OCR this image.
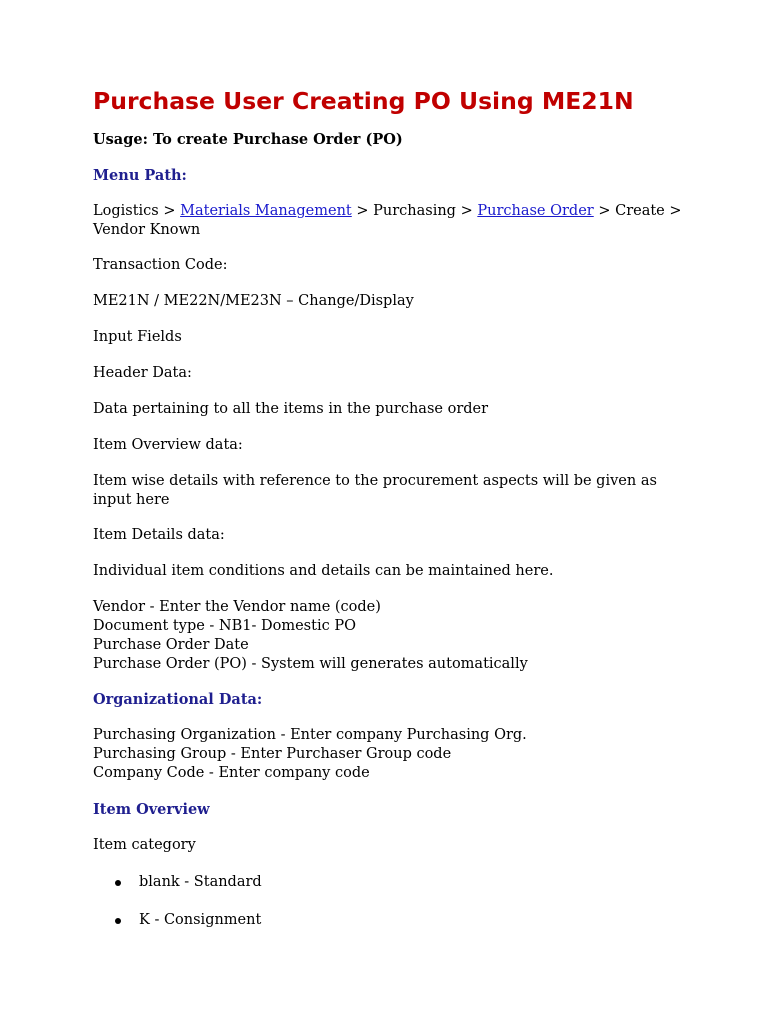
Purchase User Creating PO Using ME21N

Usage: To create Purchase Order (PO)

Menu Path:

Logistics > Materials Management > Purchasing > Purchase Order > Create > Vendor Known

Transaction Code:

ME21N / ME22N/ME23N – Change/Display

Input Fields

Header Data:

Data pertaining to all the items in the purchase order

Item Overview data:

Item wise details with reference to the procurement aspects will be given as input here

Item Details data:

Individual item conditions and details can be maintained here.

Vendor - Enter the Vendor name (code)
Document type - NB1- Domestic PO
Purchase Order Date
Purchase Order (PO) - System will generates automatically

Organizational Data:

Purchasing Organization - Enter company Purchasing Org.
Purchasing Group - Enter Purchaser Group code
Company Code - Enter company code

Item Overview

Item category

blank - Standard
K - Consignment
